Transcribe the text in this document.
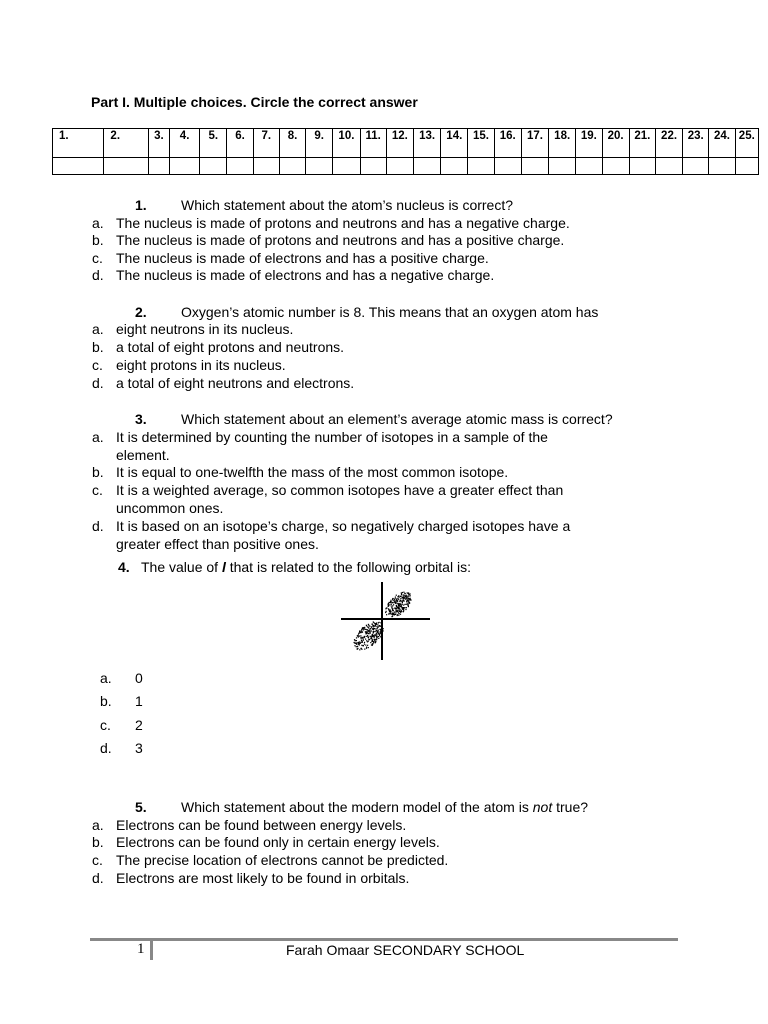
Part I. Multiple choices. Circle the correct answer
1.	2.	3.	4.	5.	6.	7.	8.	9.	10.	11.	12.	13.	14.	15.	16.	17.	18.	19.	20.	21.	22.	23.	24.	25.

1. Which statement about the atom’s nucleus is correct?
a. The nucleus is made of protons and neutrons and has a negative charge.
b. The nucleus is made of protons and neutrons and has a positive charge.
c. The nucleus is made of electrons and has a positive charge.
d. The nucleus is made of electrons and has a negative charge.
2. Oxygen’s atomic number is 8. This means that an oxygen atom has
a. eight neutrons in its nucleus.
b. a total of eight protons and neutrons.
c. eight protons in its nucleus.
d. a total of eight neutrons and electrons.
3. Which statement about an element’s average atomic mass is correct?
a. It is determined by counting the number of isotopes in a sample of the element.
b. It is equal to one-twelfth the mass of the most common isotope.
c. It is a weighted average, so common isotopes have a greater effect than uncommon ones.
d. It is based on an isotope’s charge, so negatively charged isotopes have a greater effect than positive ones.
4. The value of l that is related to the following orbital is:
a. 0
b. 1
c. 2
d. 3
5. Which statement about the modern model of the atom is not true?
a. Electrons can be found between energy levels.
b. Electrons can be found only in certain energy levels.
c. The precise location of electrons cannot be predicted.
d. Electrons are most likely to be found in orbitals.
1	Farah Omaar SECONDARY SCHOOL
